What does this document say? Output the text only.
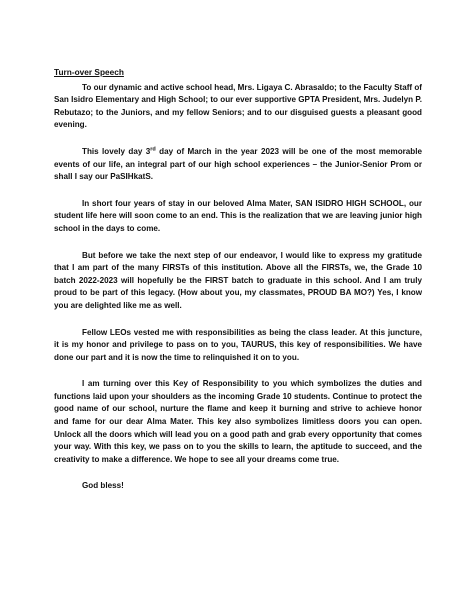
Turn-over Speech

To our dynamic and active school head, Mrs. Ligaya C. Abrasaldo; to the Faculty Staff of San Isidro Elementary and High School; to our ever supportive GPTA President, Mrs. Judelyn P. Rebutazo; to the Juniors, and my fellow Seniors; and to our disguised guests a pleasant good evening.

This lovely day 3rd day of March in the year 2023 will be one of the most memorable events of our life, an integral part of our high school experiences – the Junior-Senior Prom or shall I say our PaSIHkatS.

In short four years of stay in our beloved Alma Mater, SAN ISIDRO HIGH SCHOOL, our student life here will soon come to an end. This is the realization that we are leaving junior high school in the days to come.

But before we take the next step of our endeavor, I would like to express my gratitude that I am part of the many FIRSTs of this institution. Above all the FIRSTs, we, the Grade 10 batch 2022-2023 will hopefully be the FIRST batch to graduate in this school. And I am truly proud to be part of this legacy. (How about you, my classmates, PROUD BA MO?) Yes, I know you are delighted like me as well.

Fellow LEOs vested me with responsibilities as being the class leader. At this juncture, it is my honor and privilege to pass on to you, TAURUS, this key of responsibilities. We have done our part and it is now the time to relinquished it on to you.

I am turning over this Key of Responsibility to you which symbolizes the duties and functions laid upon your shoulders as the incoming Grade 10 students. Continue to protect the good name of our school, nurture the flame and keep it burning and strive to achieve honor and fame for our dear Alma Mater. This key also symbolizes limitless doors you can open. Unlock all the doors which will lead you on a good path and grab every opportunity that comes your way. With this key, we pass on to you the skills to learn, the aptitude to succeed, and the creativity to make a difference. We hope to see all your dreams come true.

God bless!
